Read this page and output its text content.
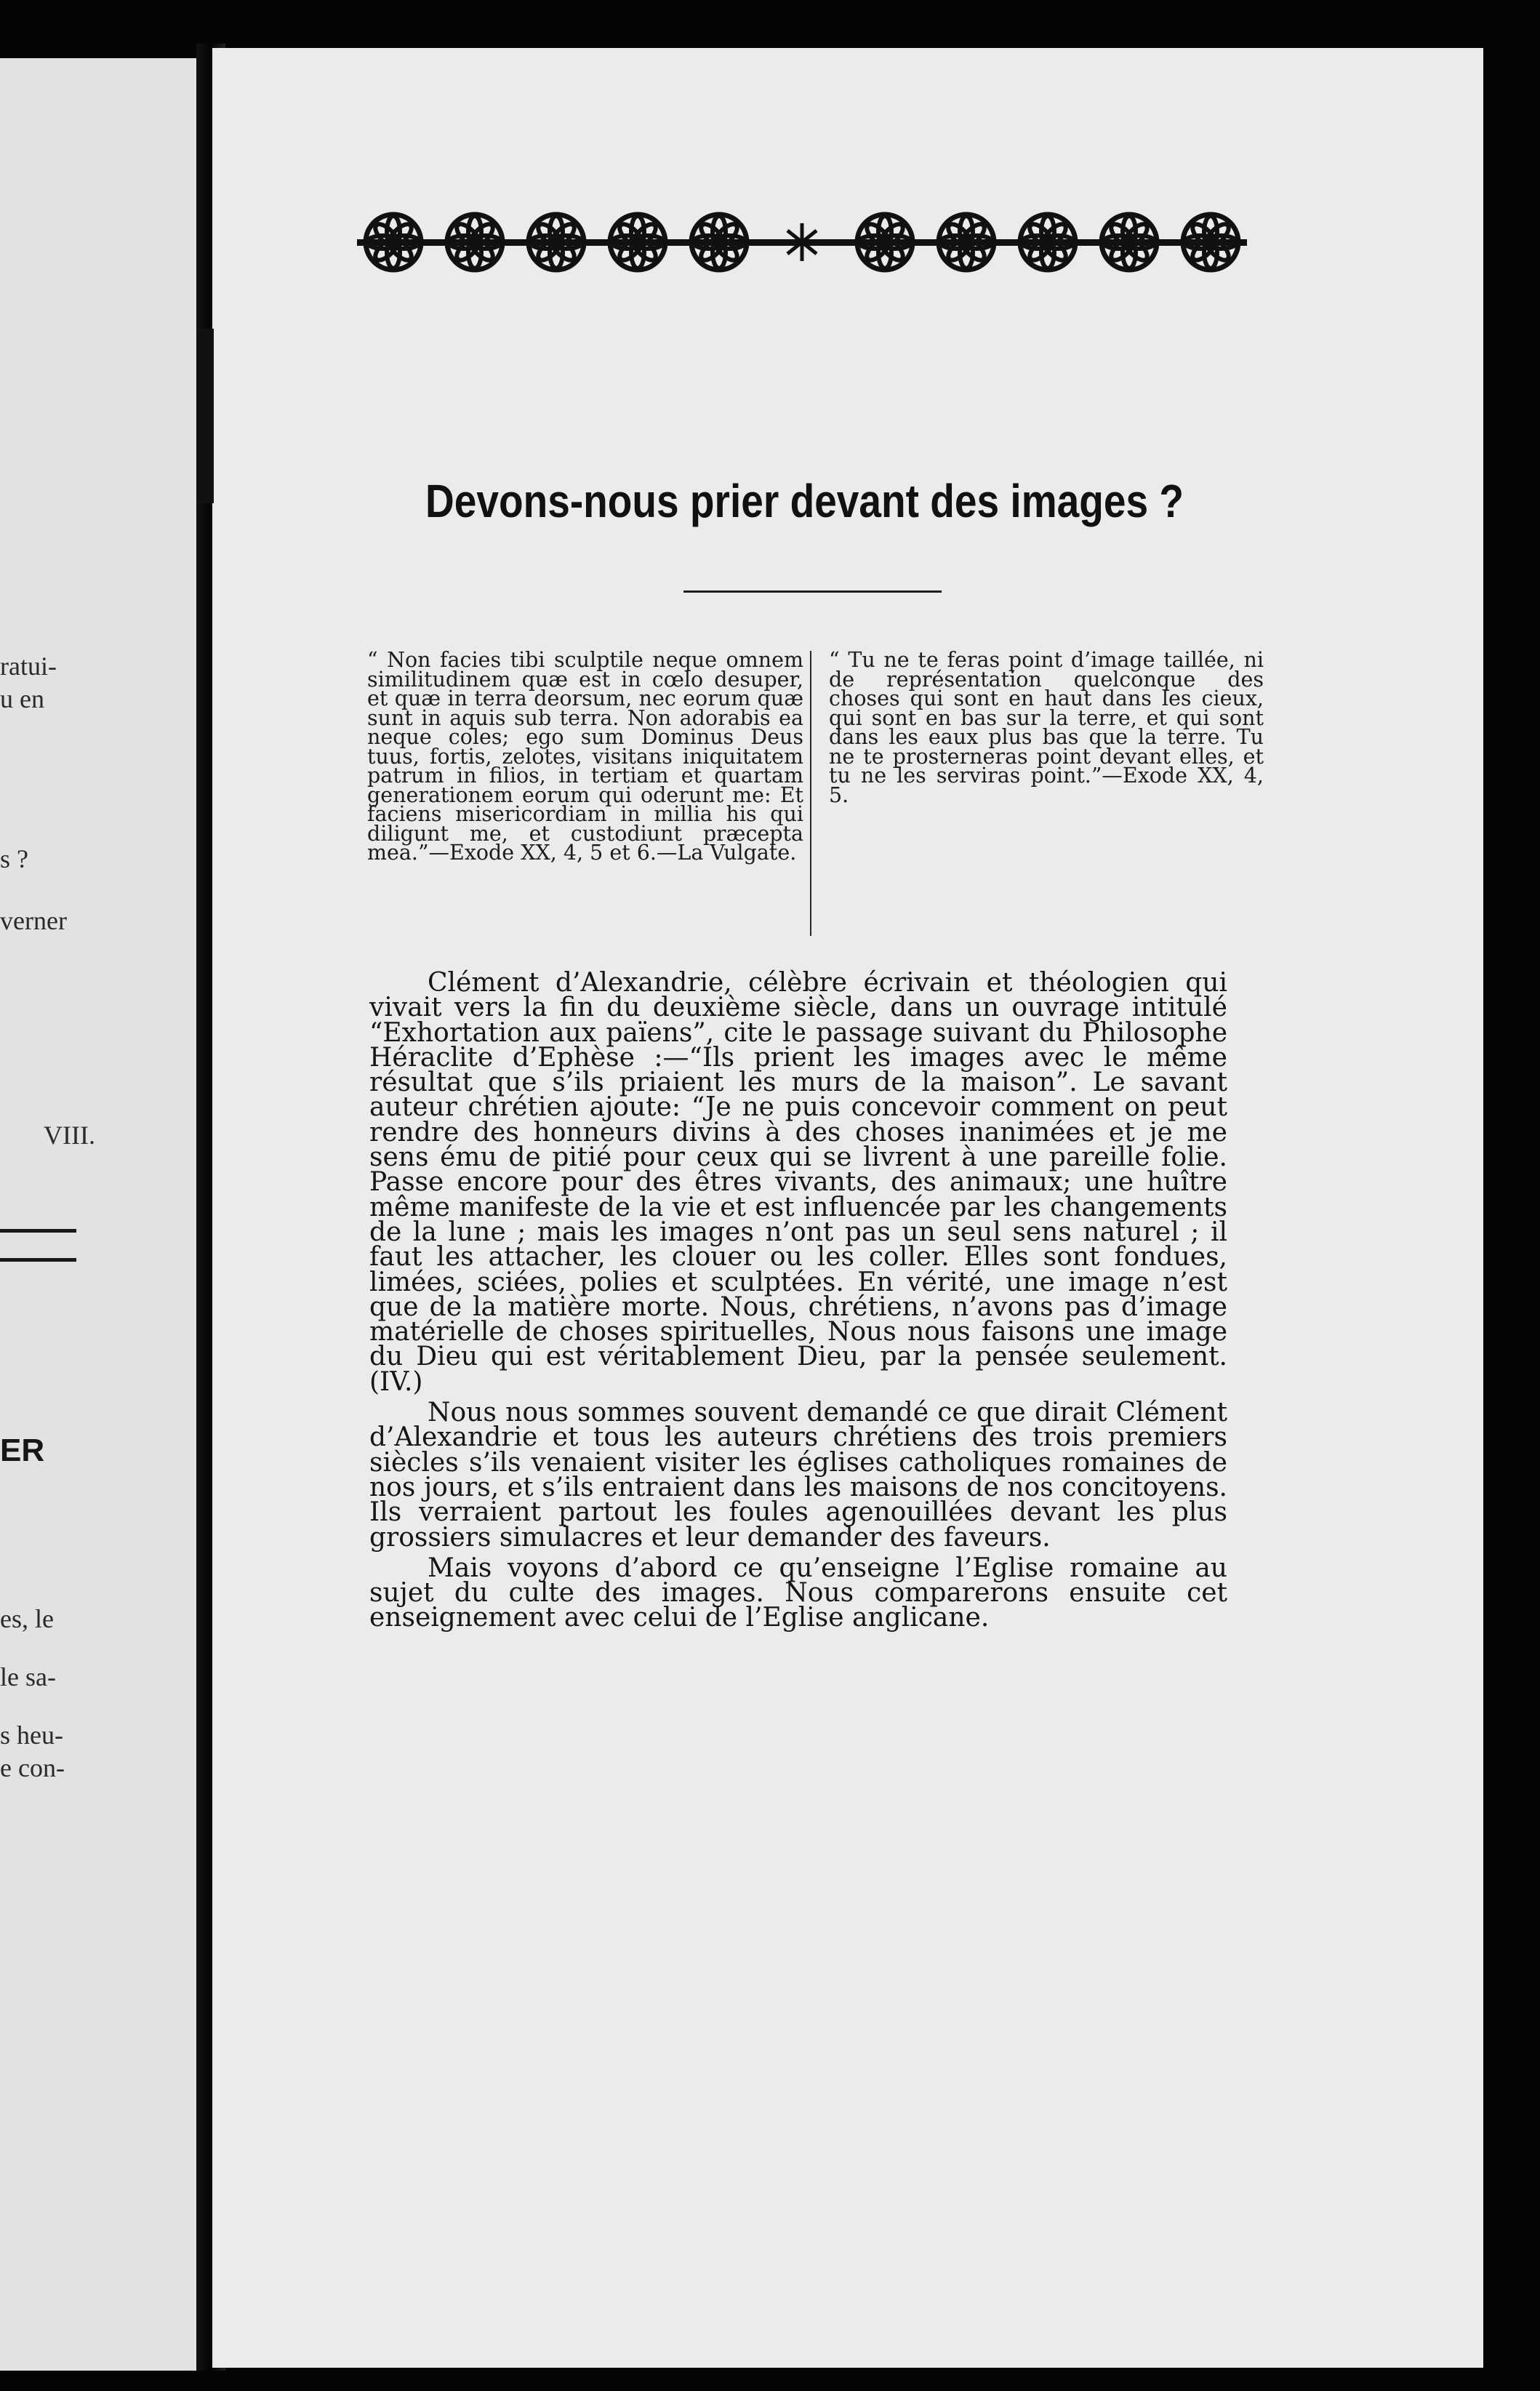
ratui-
u en
s ?
verner
VIII.
ER
es, le
le sa-
s heu-
e con-
Devons-nous prier devant des images ?
“ Non facies tibi sculptile neque omnem similitudinem quæ est in cœlo desuper, et quæ in terra deorsum, nec eorum quæ sunt in aquis sub terra. Non adorabis ea neque coles; ego sum Dominus Deus tuus, fortis, zelotes, visitans iniquitatem patrum in filios, in tertiam et quartam generationem eorum qui oderunt me: Et faciens misericordiam in millia his qui diligunt me, et custodiunt præcepta mea.”—Exode XX, 4, 5 et 6.—La Vulgate.
“ Tu ne te feras point d’image taillée, ni de représentation quelconque des choses qui sont en haut dans les cieux, qui sont en bas sur la terre, et qui sont dans les eaux plus bas que la terre. Tu ne te prosterneras point devant elles, et tu ne les serviras point.”—Exode XX, 4, 5.

Clément d’Alexandrie, célèbre écrivain et théologien qui vivait vers la fin du deuxième siècle, dans un ouvrage intitulé “Exhortation aux païens”, cite le passage suivant du Philosophe Héraclite d’Ephèse :—“Ils prient les images avec le même résultat que s’ils priaient les murs de la maison”. Le savant auteur chrétien ajoute: “Je ne puis concevoir comment on peut rendre des honneurs divins à des choses inanimées et je me sens ému de pitié pour ceux qui se livrent à une pareille folie. Passe encore pour des êtres vivants, des animaux; une huître même manifeste de la vie et est influencée par les changements de la lune ; mais les images n’ont pas un seul sens naturel ; il faut les attacher, les clouer ou les coller. Elles sont fondues, limées, sciées, polies et sculptées. En vérité, une image n’est que de la matière morte. Nous, chrétiens, n’avons pas d’image matérielle de choses spirituelles, Nous nous faisons une image du Dieu qui est véritablement Dieu, par la pensée seulement. (IV.)

Nous nous sommes souvent demandé ce que dirait Clément d’Alexandrie et tous les auteurs chrétiens des trois premiers siècles s’ils venaient visiter les églises catholiques romaines de nos jours, et s’ils entraient dans les maisons de nos concitoyens. Ils verraient partout les foules agenouillées devant les plus grossiers simulacres et leur demander des faveurs.

Mais voyons d’abord ce qu’enseigne l’Eglise romaine au sujet du culte des images. Nous comparerons ensuite cet enseignement avec celui de l’Eglise anglicane.
